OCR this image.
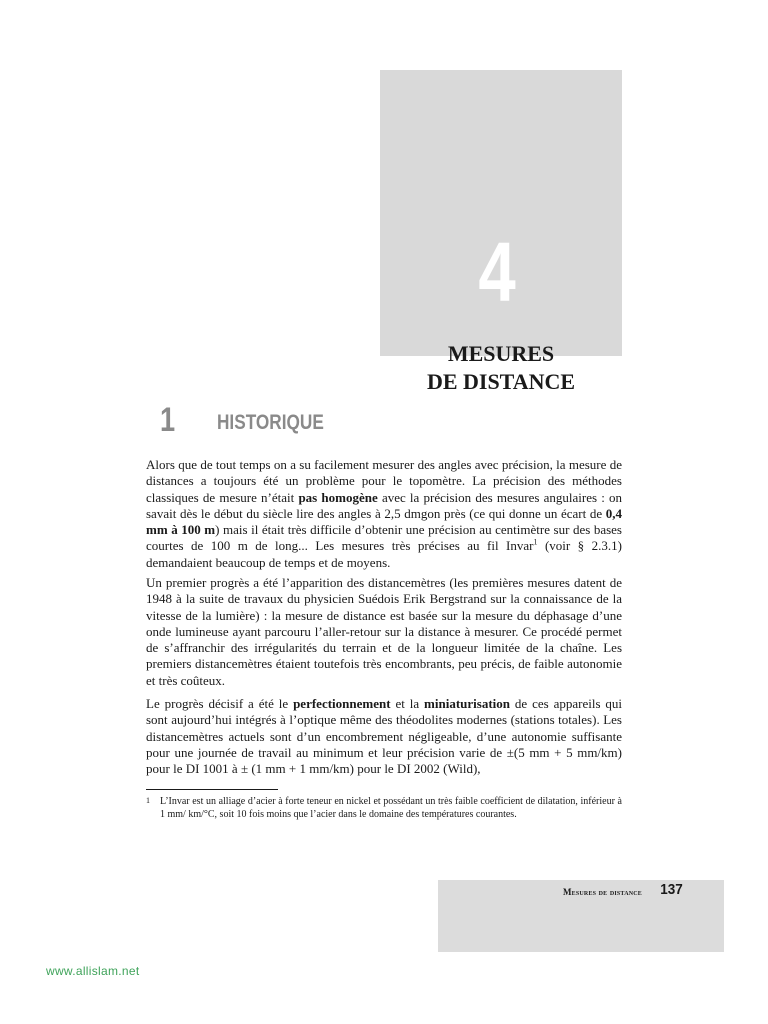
4
MESURES
DE DISTANCE
1 HISTORIQUE

Alors que de tout temps on a su facilement mesurer des angles avec précision, la mesure de distances a toujours été un problème pour le topomètre. La précision des méthodes classiques de mesure n’était pas homogène avec la précision des mesures angulaires : on savait dès le début du siècle lire des angles à 2,5 dmgon près (ce qui donne un écart de 0,4 mm à 100 m) mais il était très difficile d’obtenir une précision au centimètre sur des bases courtes de 100 m de long... Les mesures très précises au fil Invar$^1$ (voir § 2.3.1) demandaient beaucoup de temps et de moyens.

Un premier progrès a été l’apparition des distancemètres (les premières mesures datent de 1948 à la suite de travaux du physicien Suédois Erik Bergstrand sur la connaissance de la vitesse de la lumière) : la mesure de distance est basée sur la mesure du déphasage d’une onde lumineuse ayant parcouru l’aller-retour sur la distance à mesurer. Ce procédé permet de s’affranchir des irrégularités du terrain et de la longueur limitée de la chaîne. Les premiers distancemètres étaient toutefois très encombrants, peu précis, de faible autonomie et très coûteux.

Le progrès décisif a été le perfectionnement et la miniaturisation de ces appareils qui sont aujourd’hui intégrés à l’optique même des théodolites modernes (stations totales). Les distancemètres actuels sont d’un encombrement négligeable, d’une autonomie suffisante pour une journée de travail au minimum et leur précision varie de ±(5 mm + 5 mm/km) pour le DI 1001 à ± (1 mm + 1 mm/km) pour le DI 2002 (Wild),

1 L’Invar est un alliage d’acier à forte teneur en nickel et possédant un très faible coefficient de dilatation, inférieur à 1 mm/ km/°C, soit 10 fois moins que l’acier dans le domaine des températures courantes.
Mesures de distance 137
www.allislam.net
